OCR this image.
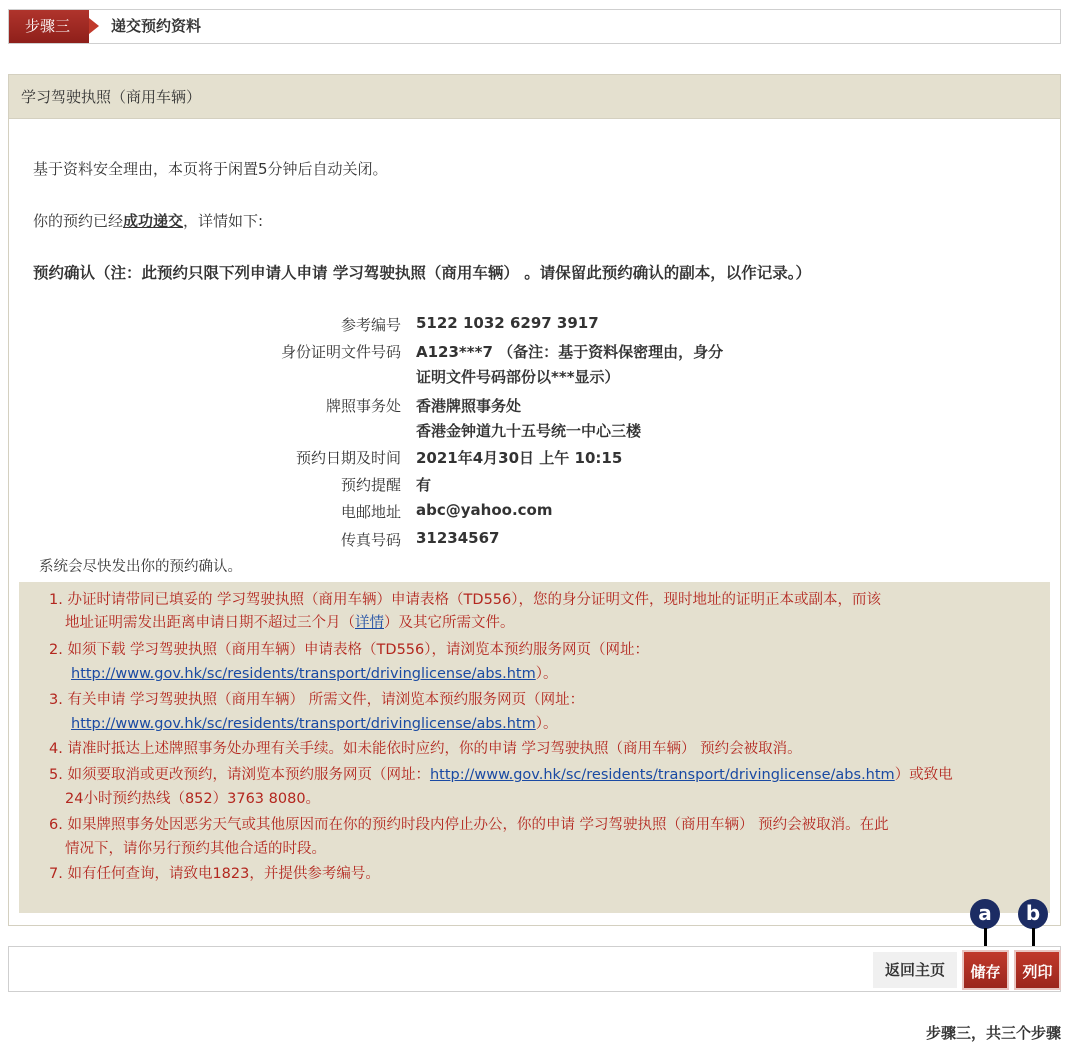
步骤三	递交预约资料
学习驾驶执照（商用车辆）
基于资料安全理由，本页将于闲置5分钟后自动关闭。
你的预约已经成功递交，详情如下:
预约确认（注：此预约只限下列申请人申请 学习驾驶执照（商用车辆） 。请保留此预约确认的副本，以作记录。）
参考编号 5122 1032 6297 3917
身份证明文件号码 A123***7 （备注：基于资料保密理由，身分
证明文件号码部份以***显示）
牌照事务处 香港牌照事务处
香港金钟道九十五号统一中心三楼
预约日期及时间 2021年4月30日 上午 10:15
预约提醒 有
电邮地址 abc@yahoo.com
传真号码 31234567
系统会尽快发出你的预约确认。
1. 办证时请带同已填妥的 学习驾驶执照（商用车辆）申请表格（TD556），您的身分证明文件，现时地址的证明正本或副本，而该
地址证明需发出距离申请日期不超过三个月（详情）及其它所需文件。
2. 如须下载 学习驾驶执照（商用车辆）申请表格（TD556），请浏览本预约服务网页（网址：
http://www.gov.hk/sc/residents/transport/drivinglicense/abs.htm）。
3. 有关申请 学习驾驶执照（商用车辆） 所需文件，请浏览本预约服务网页（网址：
http://www.gov.hk/sc/residents/transport/drivinglicense/abs.htm）。
4. 请准时抵达上述牌照事务处办理有关手续。如未能依时应约，你的申请 学习驾驶执照（商用车辆） 预约会被取消。
5. 如须要取消或更改预约，请浏览本预约服务网页（网址：http://www.gov.hk/sc/residents/transport/drivinglicense/abs.htm）或致电
24小时预约热线（852）3763 8080。
6. 如果牌照事务处因恶劣天气或其他原因而在你的预约时段内停止办公，你的申请 学习驾驶执照（商用车辆） 预约会被取消。在此
情况下，请你另行预约其他合适的时段。
7. 如有任何查询，请致电1823，并提供参考编号。
a	b
返回主页	储存	列印
步骤三，共三个步骤
